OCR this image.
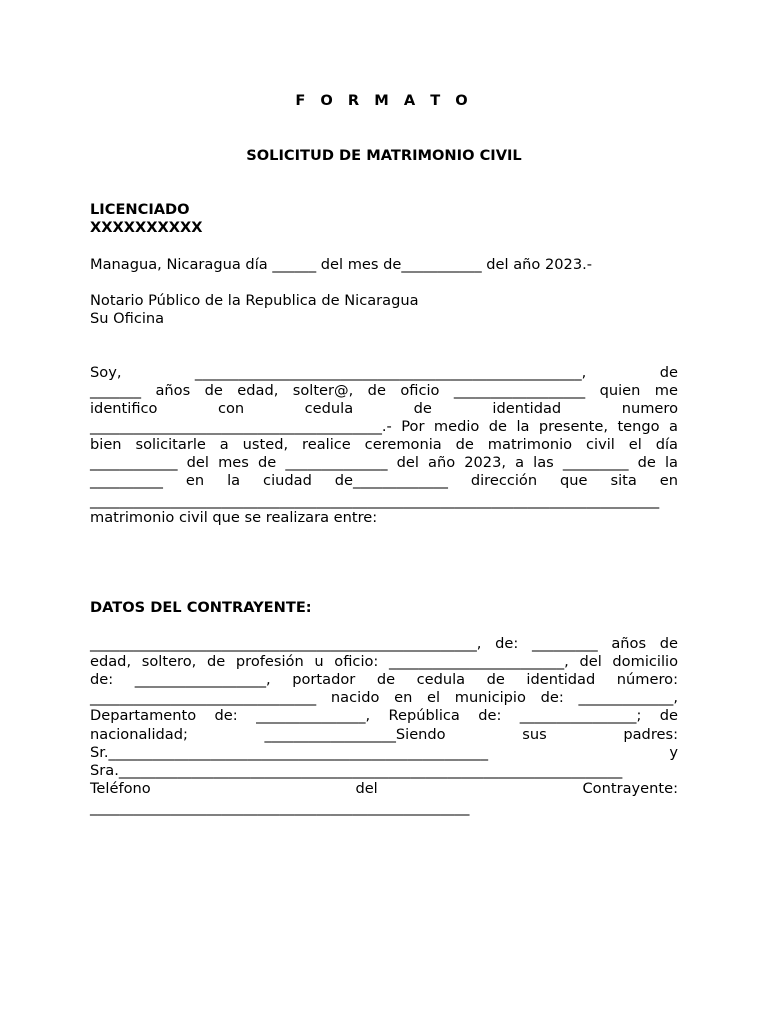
F O R M A T O
SOLICITUD DE MATRIMONIO CIVIL
LICENCIADO
XXXXXXXXXX
Managua, Nicaragua día ______ del mes de___________ del año 2023.-
Notario Público de la Republica de Nicaragua
Su Oficina
Soy, _____________________________________________________, de
_______ años de edad, solter@, de oficio __________________ quien me
identifico con cedula de identidad numero
________________________________________.- Por medio de la presente, tengo a
bien solicitarle a usted, realice ceremonia de matrimonio civil el día
____________ del mes de ______________ del año 2023, a las _________ de la
__________ en la ciudad de_____________ dirección que sita en
______________________________________________________________________________
matrimonio civil que se realizara entre:
DATOS DEL CONTRAYENTE:
_____________________________________________________, de: _________ años de
edad, soltero, de profesión u oficio: ________________________, del domicilio
de: __________________, portador de cedula de identidad número:
_______________________________ nacido en el municipio de: _____________,
Departamento de: _______________, República de: ________________; de
nacionalidad; __________________Siendo sus padres:
Sr.____________________________________________________ y
Sra._____________________________________________________________________
Teléfono del Contrayente:
____________________________________________________
